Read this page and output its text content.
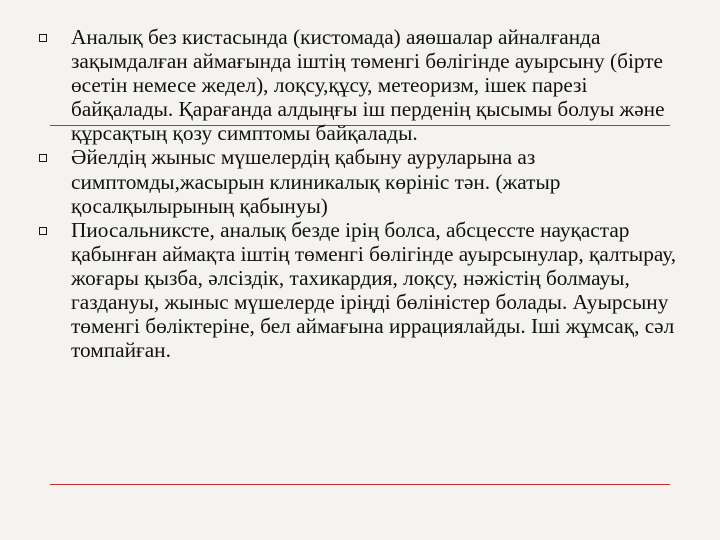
Аналық без кистасында (кистомада) аяөшалар айналғанда зақымдалған аймағында іштің төменгі бөлігінде ауырсыну (бірте өсетін немесе жедел), лоқсу,құсу, метеоризм, ішек парезі байқалады. Қарағанда алдыңғы іш перденің қысымы болуы және құрсақтың қозу симптомы байқалады.
Әйелдің жыныс мүшелердің қабыну ауруларына аз симптомды,жасырын клиникалық көрініс тән. (жатыр қосалқылырының қабынуы)
Пиосальниксте, аналық безде ірің болса, абсцессте науқастар қабынған аймақта іштің төменгі бөлігінде ауырсынулар, қалтырау, жоғары қызба, әлсіздік, тахикардия, лоқсу, нәжістің болмауы, газдануы, жыныс мүшелерде іріңді бөліністер болады. Ауырсыну төменгі бөліктеріне, бел аймағына иррациялайды. Іші жұмсақ, сәл томпайған.
